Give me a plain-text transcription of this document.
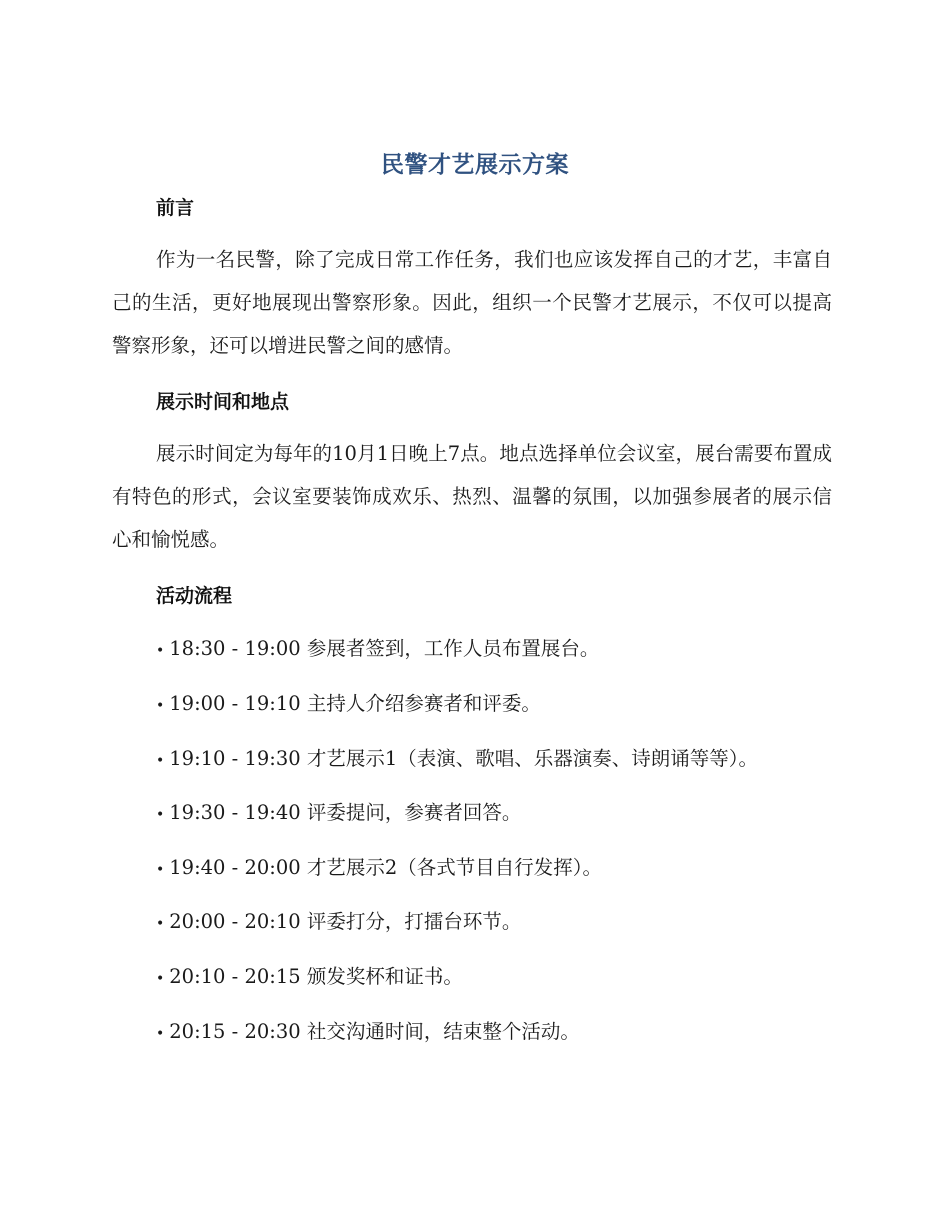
民警才艺展示方案
前言
作为一名民警，除了完成日常工作任务，我们也应该发挥自己的才艺，丰富自己的生活，更好地展现出警察形象。因此，组织一个民警才艺展示，不仅可以提高警察形象，还可以增进民警之间的感情。
展示时间和地点
展示时间定为每年的10月1日晚上7点。地点选择单位会议室，展台需要布置成有特色的形式，会议室要装饰成欢乐、热烈、温馨的氛围，以加强参展者的展示信心和愉悦感。
活动流程
• 18:30 - 19:00 参展者签到，工作人员布置展台。
• 19:00 - 19:10 主持人介绍参赛者和评委。
• 19:10 - 19:30 才艺展示1（表演、歌唱、乐器演奏、诗朗诵等等）。
• 19:30 - 19:40 评委提问，参赛者回答。
• 19:40 - 20:00 才艺展示2（各式节目自行发挥）。
• 20:00 - 20:10 评委打分，打擂台环节。
• 20:10 - 20:15 颁发奖杯和证书。
• 20:15 - 20:30 社交沟通时间，结束整个活动。
